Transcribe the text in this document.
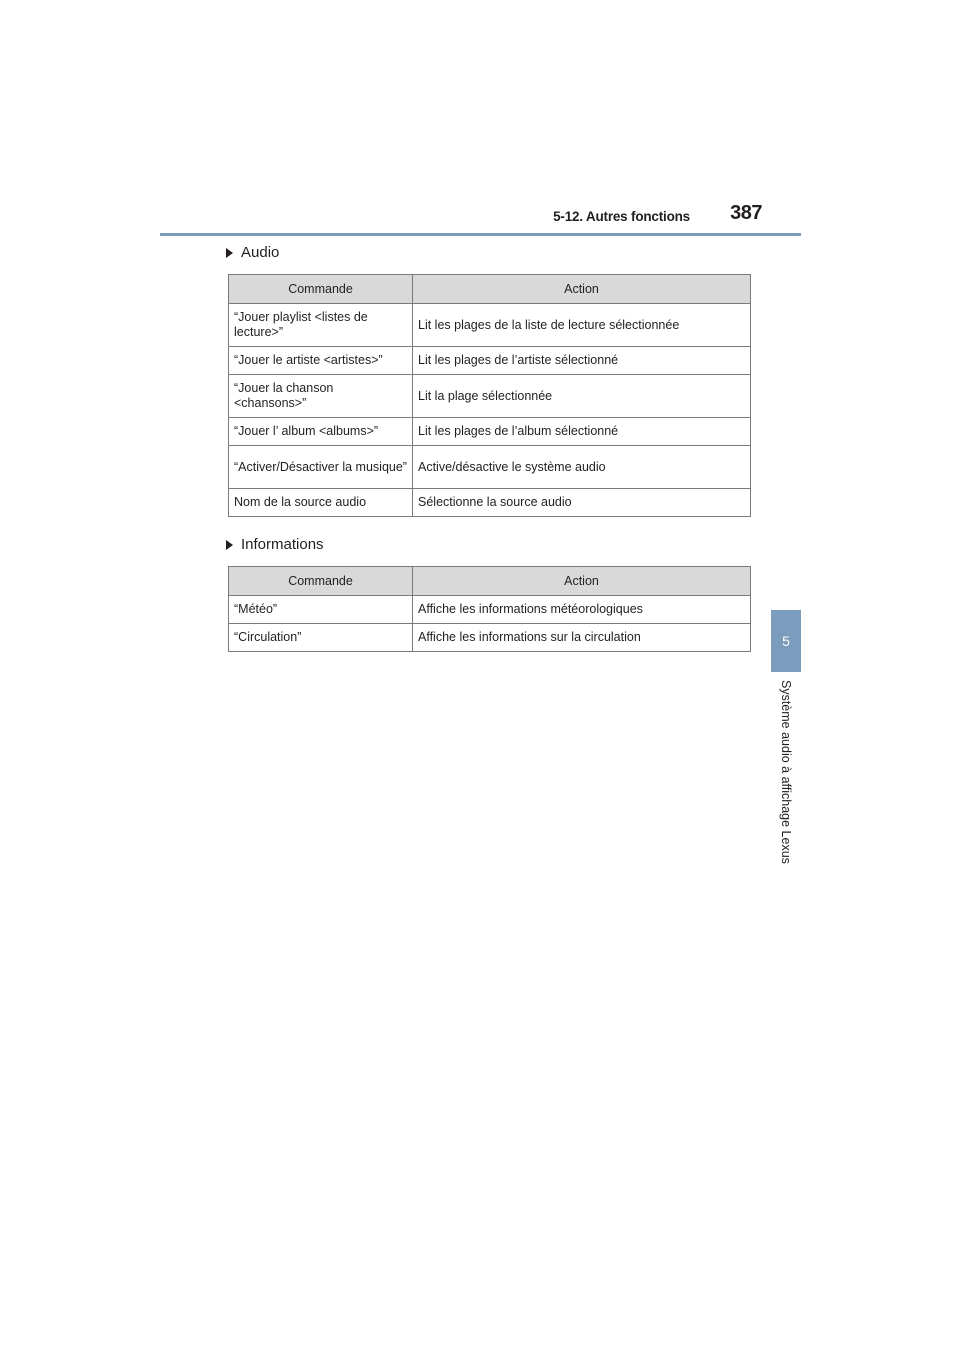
5-12. Autres fonctions	387
5
Système audio à affichage Lexus
Audio
Commande	Action
“Jouer playlist <listes de lecture>”	Lit les plages de la liste de lecture sélectionnée
“Jouer le artiste <artistes>”	Lit les plages de l’artiste sélectionné
“Jouer la chanson <chansons>”	Lit la plage sélectionnée
“Jouer l’ album <albums>”	Lit les plages de l’album sélectionné
“Activer/Désactiver la musique”	Active/désactive le système audio
Nom de la source audio	Sélectionne la source audio
Informations
Commande	Action
“Météo”	Affiche les informations météorologiques
“Circulation”	Affiche les informations sur la circulation
